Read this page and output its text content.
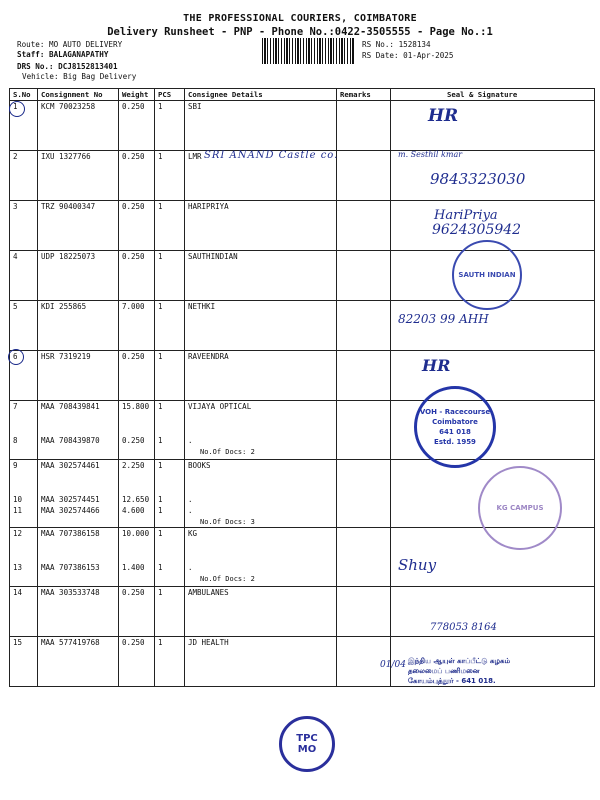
THE PROFESSIONAL COURIERS, COIMBATORE
Delivery Runsheet - PNP - Phone No.:0422-3505555 - Page No.:1
Route: MO AUTO DELIVERY
Staff: BALAGANAPATHY
DRS No.: DCJ8152813401
Vehicle: Big Bag Delivery
RS No.: 1528134
RS Date: 01-Apr-2025
S.No	Consignment No	Weight	PCS	Consignee Details	Remarks	Seal & Signature
1	KCM 70023258	0.250	1	SBI		
2	IXU 1327766	0.250	1	LMR		
3	TRZ 90400347	0.250	1	HARIPRIYA		
4	UDP 18225073	0.250	1	SAUTHINDIAN		
5	KDI 255865	7.000	1	NETHKI		
6	HSR 7319219	0.250	1	RAVEENDRA		
7	MAA 708439841	15.800	1	VIJAYA OPTICAL		
8	MAA 708439870	0.250	1	.
No.Of Docs: 2		

9	MAA 302574461	2.250	1	BOOKS		
10	MAA 302574451	12.650	1	.		
11	MAA 302574466	4.600	1	.
No.Of Docs: 3		

12	MAA 707386158	10.000	1	KG		
13	MAA 707386153	1.400	1	.
No.Of Docs: 2		

14	MAA 303533748	0.250	1	AMBULANES		
15	MAA 577419768	0.250	1	JD HEALTH		
HR
SRI ANAND Castle co.	m. Sesthil kmar
9843323030
HariPriya
9624305942
82203 99 AHH
HR
Shuy
778053 8164
01/04
SAUTH INDIAN
VOH - Racecourse
Coimbatore
641 018
Estd. 1959
KG CAMPUS
இந்திய ஆயுள் காப்பீட்டு கழகம்
தலைமைப் பணிமனை
கோயம்புத்தூர் - 641 018.
TPC
MO
